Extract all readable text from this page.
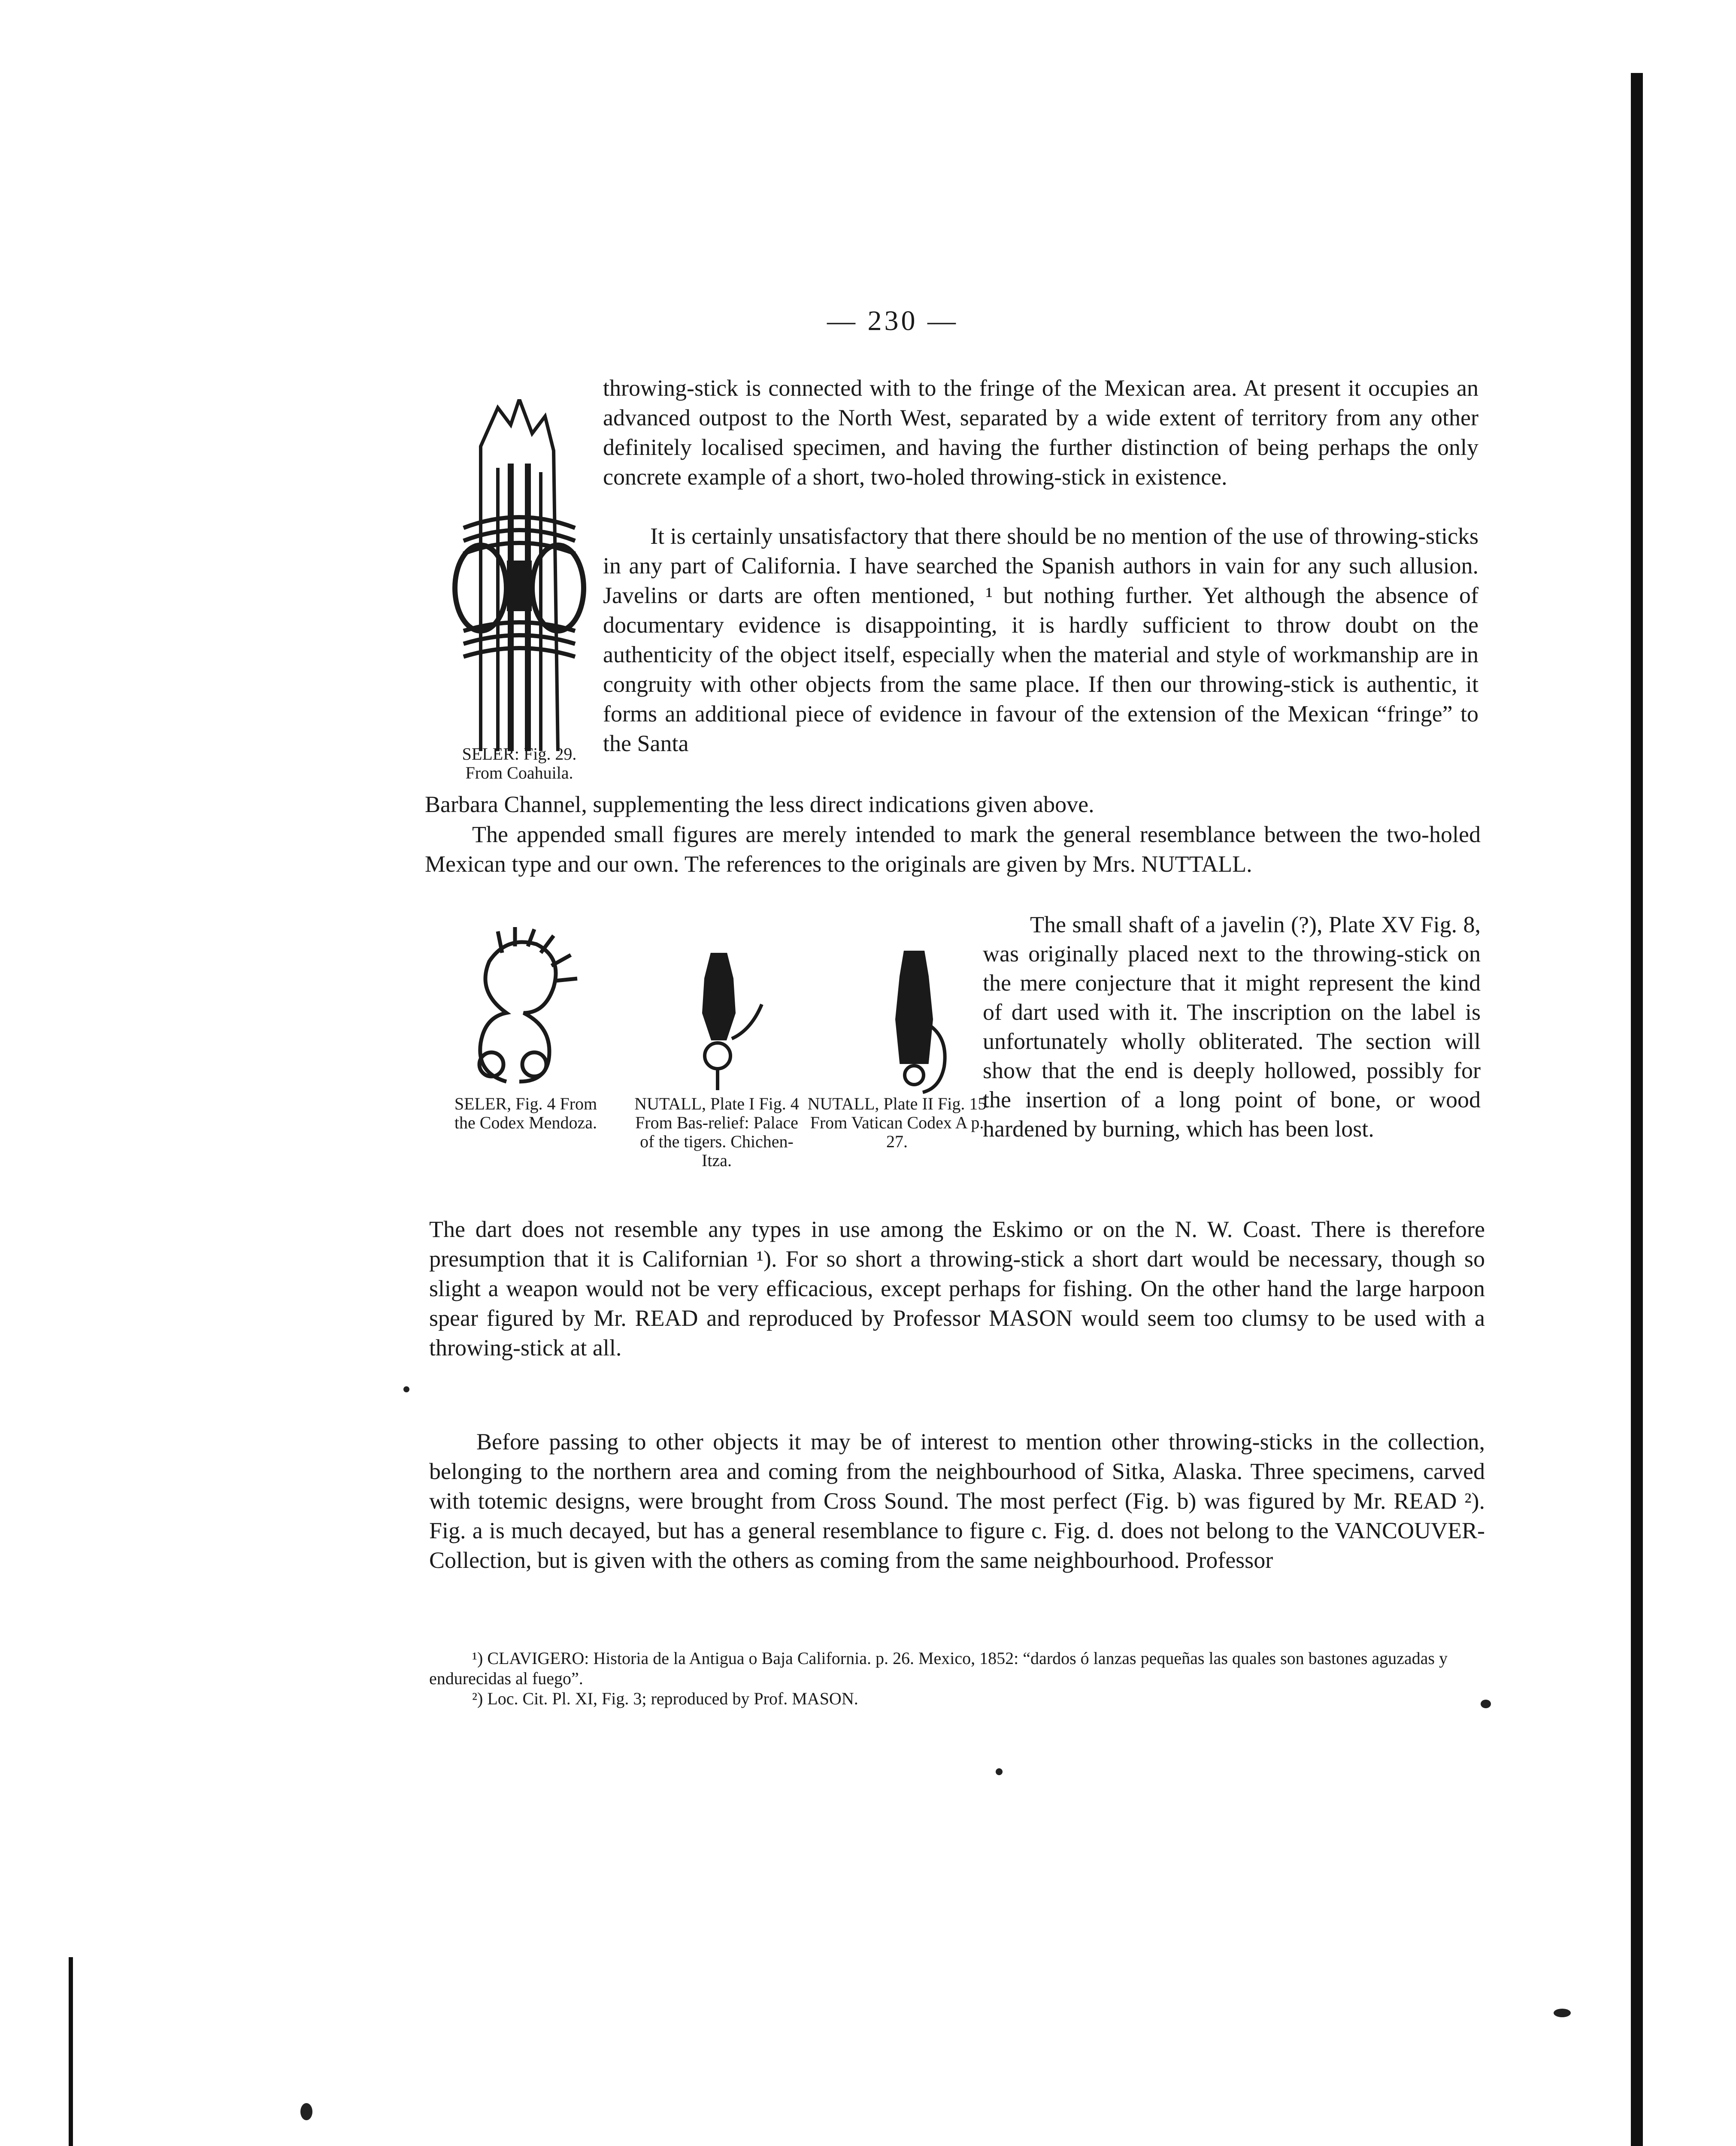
— 230 —

throwing-stick is connected with to the fringe of the Mexican area. At present it occupies an advanced outpost to the North West, separated by a wide extent of territory from any other definitely localised specimen, and having the further distinction of being perhaps the only concrete example of a short, two-holed throwing-stick in existence.

It is certainly unsatisfactory that there should be no mention of the use of throwing-sticks in any part of California. I have searched the Spanish authors in vain for any such allusion. Javelins or darts are often mentioned, ¹ but nothing further. Yet although the absence of documentary evidence is disappointing, it is hardly sufficient to throw doubt on the authenticity of the object itself, especially when the material and style of workmanship are in congruity with other objects from the same place. If then our throwing-stick is authentic, it forms an additional piece of evidence in favour of the extension of the Mexican “fringe” to the Santa

SELER: Fig. 29. From Coahuila.

Barbara Channel, supplementing the less direct indications given above.

The appended small figures are merely intended to mark the general resemblance between the two-holed Mexican type and our own. The references to the originals are given by Mrs. NUTTALL.

SELER, Fig. 4 From the Codex Mendoza.
NUTALL, Plate I Fig. 4 From Bas-relief: Palace of the tigers. Chichen-Itza.
NUTALL, Plate II Fig. 15 From Vatican Codex A p. 27.

The small shaft of a javelin (?), Plate XV Fig. 8, was originally placed next to the throwing-stick on the mere conjecture that it might represent the kind of dart used with it. The inscription on the label is unfortunately wholly obliterated. The section will show that the end is deeply hollowed, possibly for the insertion of a long point of bone, or wood hardened by burning, which has been lost.

The dart does not resemble any types in use among the Eskimo or on the N. W. Coast. There is therefore presumption that it is Californian ¹). For so short a throwing-stick a short dart would be necessary, though so slight a weapon would not be very efficacious, except perhaps for fishing. On the other hand the large harpoon spear figured by Mr. READ and reproduced by Professor MASON would seem too clumsy to be used with a throwing-stick at all.

Before passing to other objects it may be of interest to mention other throwing-sticks in the collection, belonging to the northern area and coming from the neighbourhood of Sitka, Alaska. Three specimens, carved with totemic designs, were brought from Cross Sound. The most perfect (Fig. b) was figured by Mr. READ ²). Fig. a is much decayed, but has a general resemblance to figure c. Fig. d. does not belong to the VANCOUVER-Collection, but is given with the others as coming from the same neighbourhood. Professor

¹) CLAVIGERO: Historia de la Antigua o Baja California. p. 26. Mexico, 1852: “dardos ó lanzas pequeñas las quales son bastones aguzadas y endurecidas al fuego”.

²) Loc. Cit. Pl. XI, Fig. 3; reproduced by Prof. MASON.
